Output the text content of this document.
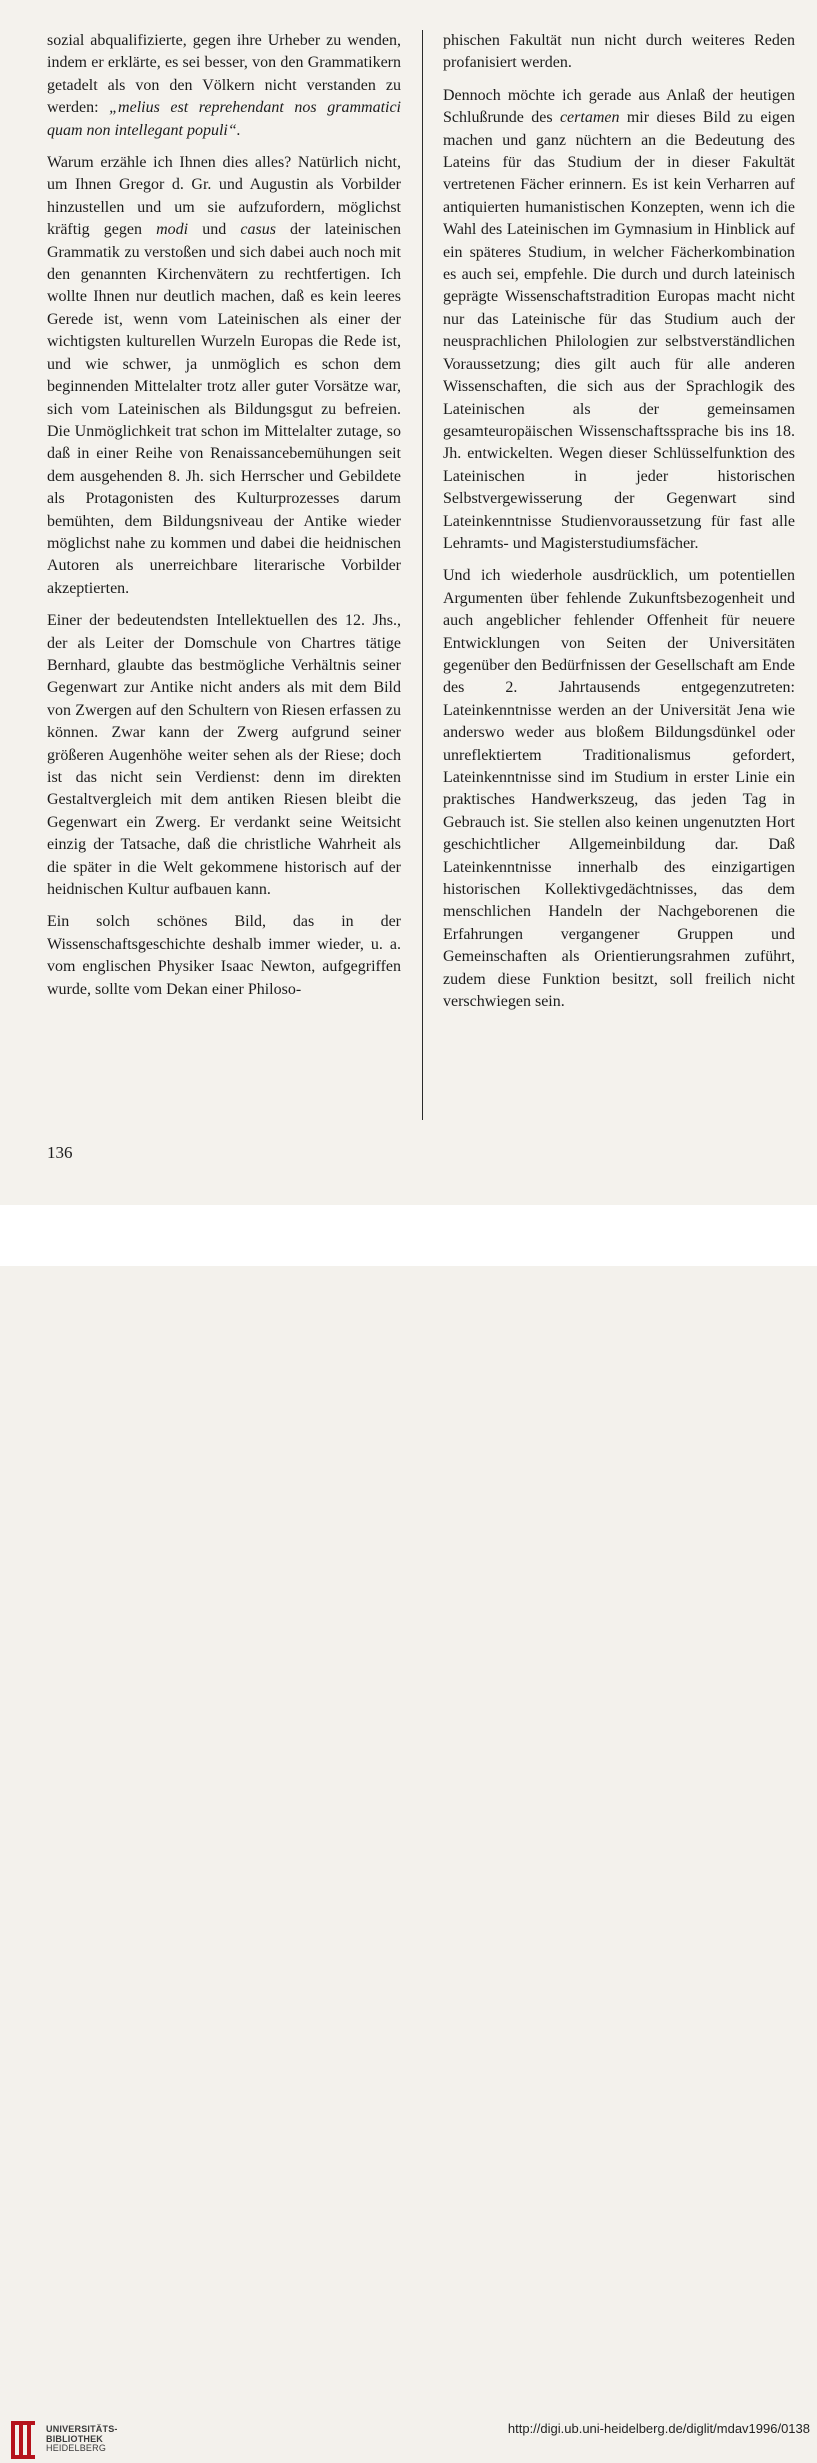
sozial abqualifizierte, gegen ihre Urheber zu wenden, indem er erklärte, es sei besser, von den Grammatikern getadelt als von den Völkern nicht verstanden zu werden: „melius est reprehendant nos grammatici quam non intellegant populi“.

Warum erzähle ich Ihnen dies alles? Natürlich nicht, um Ihnen Gregor d. Gr. und Augustin als Vorbilder hinzustellen und um sie aufzufordern, möglichst kräftig gegen modi und casus der lateinischen Grammatik zu verstoßen und sich dabei auch noch mit den genannten Kirchenvätern zu rechtfertigen. Ich wollte Ihnen nur deutlich machen, daß es kein leeres Gerede ist, wenn vom Lateinischen als einer der wichtigsten kulturellen Wurzeln Europas die Rede ist, und wie schwer, ja unmöglich es schon dem beginnenden Mittelalter trotz aller guter Vorsätze war, sich vom Lateinischen als Bildungsgut zu befreien. Die Unmöglichkeit trat schon im Mittelalter zutage, so daß in einer Reihe von Renaissancebemühungen seit dem ausgehenden 8. Jh. sich Herrscher und Gebildete als Protagonisten des Kulturprozesses darum bemühten, dem Bildungsniveau der Antike wieder möglichst nahe zu kommen und dabei die heidnischen Autoren als unerreichbare literarische Vorbilder akzeptierten.

Einer der bedeutendsten Intellektuellen des 12. Jhs., der als Leiter der Domschule von Chartres tätige Bernhard, glaubte das bestmögliche Verhältnis seiner Gegenwart zur Antike nicht anders als mit dem Bild von Zwergen auf den Schultern von Riesen erfassen zu können. Zwar kann der Zwerg aufgrund seiner größeren Augenhöhe weiter sehen als der Riese; doch ist das nicht sein Verdienst: denn im direkten Gestaltvergleich mit dem antiken Riesen bleibt die Gegenwart ein Zwerg. Er verdankt seine Weitsicht einzig der Tatsache, daß die christliche Wahrheit als die später in die Welt gekommene historisch auf der heidnischen Kultur aufbauen kann.

Ein solch schönes Bild, das in der Wissenschaftsgeschichte deshalb immer wieder, u. a. vom englischen Physiker Isaac Newton, aufgegriffen wurde, sollte vom Dekan einer Philoso-

phischen Fakultät nun nicht durch weiteres Reden profanisiert werden.

Dennoch möchte ich gerade aus Anlaß der heutigen Schlußrunde des certamen mir dieses Bild zu eigen machen und ganz nüchtern an die Bedeutung des Lateins für das Studium der in dieser Fakultät vertretenen Fächer erinnern. Es ist kein Verharren auf antiquierten humanistischen Konzepten, wenn ich die Wahl des Lateinischen im Gymnasium in Hinblick auf ein späteres Studium, in welcher Fächerkombination es auch sei, empfehle. Die durch und durch lateinisch geprägte Wissenschaftstradition Europas macht nicht nur das Lateinische für das Studium auch der neusprachlichen Philologien zur selbstverständlichen Voraussetzung; dies gilt auch für alle anderen Wissenschaften, die sich aus der Sprachlogik des Lateinischen als der gemeinsamen gesamteuropäischen Wissenschaftssprache bis ins 18. Jh. entwickelten. Wegen dieser Schlüsselfunktion des Lateinischen in jeder historischen Selbstvergewisserung der Gegenwart sind Lateinkenntnisse Studienvoraussetzung für fast alle Lehramts- und Magisterstudiumsfächer.

Und ich wiederhole ausdrücklich, um potentiellen Argumenten über fehlende Zukunftsbezogenheit und auch angeblicher fehlender Offenheit für neuere Entwicklungen von Seiten der Universitäten gegenüber den Bedürfnissen der Gesellschaft am Ende des 2. Jahrtausends entgegenzutreten: Lateinkenntnisse werden an der Universität Jena wie anderswo weder aus bloßem Bildungsdünkel oder unreflektiertem Traditionalismus gefordert, Lateinkenntnisse sind im Studium in erster Linie ein praktisches Handwerkszeug, das jeden Tag in Gebrauch ist. Sie stellen also keinen ungenutzten Hort geschichtlicher Allgemeinbildung dar. Daß Lateinkenntnisse innerhalb des einzigartigen historischen Kollektivgedächtnisses, das dem menschlichen Handeln der Nachgeborenen die Erfahrungen vergangener Gruppen und Gemeinschaften als Orientierungsrahmen zuführt, zudem diese Funktion besitzt, soll freilich nicht verschwiegen sein.

136
UNIVERSITÄTS-
BIBLIOTHEK
HEIDELBERG
http://digi.ub.uni-heidelberg.de/diglit/mdav1996/0138
